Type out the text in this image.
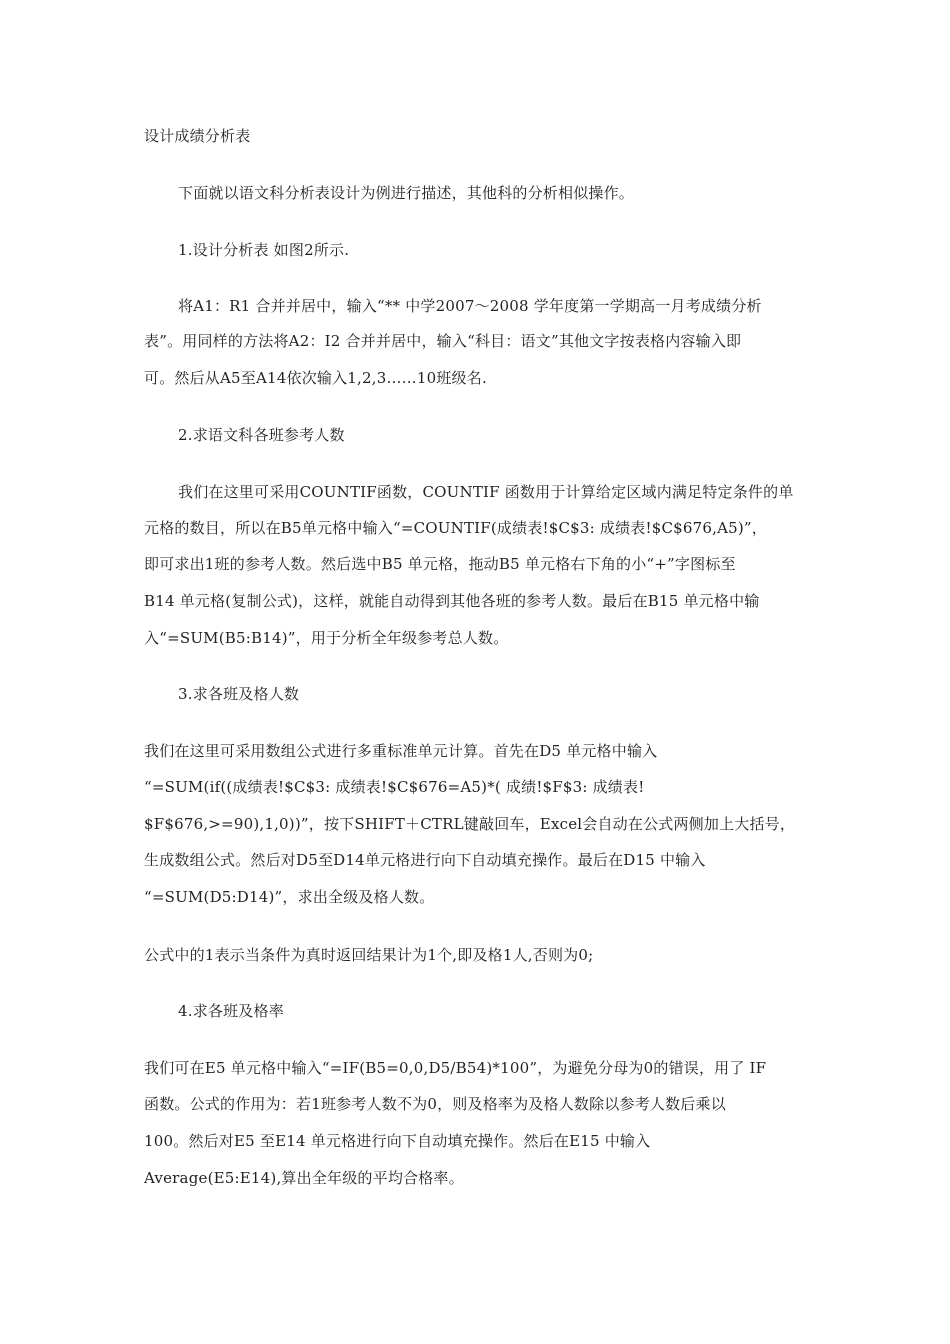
设计成绩分析表
下面就以语文科分析表设计为例进行描述，其他科的分析相似操作。
1.设计分析表 如图2所示.
将A1：R1 合并并居中，输入“** 中学2007～2008 学年度第一学期高一月考成绩分析
表”。用同样的方法将A2：I2 合并并居中，输入“科目：语文”其他文字按表格内容输入即
可。然后从A5至A14依次输入1,2,3……10班级名.
2.求语文科各班参考人数
我们在这里可采用COUNTIF函数，COUNTIF 函数用于计算给定区域内满足特定条件的单
元格的数目，所以在B5单元格中输入“=COUNTIF(成绩表!$C$3: 成绩表!$C$676,A5)”，
即可求出1班的参考人数。然后选中B5 单元格，拖动B5 单元格右下角的小“+”字图标至
B14 单元格(复制公式)，这样，就能自动得到其他各班的参考人数。最后在B15 单元格中输
入“=SUM(B5:B14)”，用于分析全年级参考总人数。
3.求各班及格人数
我们在这里可采用数组公式进行多重标准单元计算。首先在D5 单元格中输入
“=SUM(if((成绩表!$C$3: 成绩表!$C$676=A5)*( 成绩!$F$3: 成绩表!
$F$676,>=90),1,0))”，按下SHIFT＋CTRL键敲回车，Excel会自动在公式两侧加上大括号，
生成数组公式。然后对D5至D14单元格进行向下自动填充操作。最后在D15 中输入
“=SUM(D5:D14)”，求出全级及格人数。
公式中的1表示当条件为真时返回结果计为1个,即及格1人,否则为0;
4.求各班及格率
我们可在E5 单元格中输入“=IF(B5=0,0,D5/B54)*100”，为避免分母为0的错误，用了 IF
函数。公式的作用为：若1班参考人数不为0，则及格率为及格人数除以参考人数后乘以
100。然后对E5 至E14 单元格进行向下自动填充操作。然后在E15 中输入
Average(E5:E14),算出全年级的平均合格率。
